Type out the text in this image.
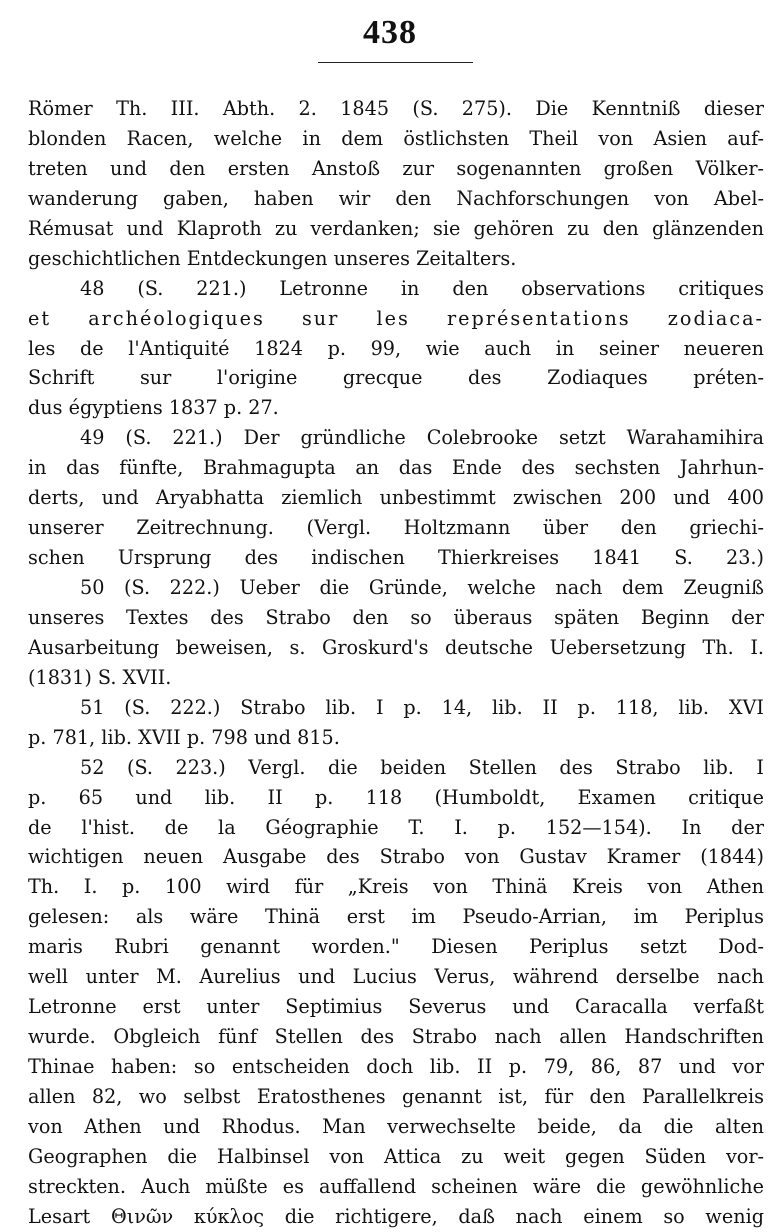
438
Römer Th. III. Abth. 2. 1845 (S. 275). Die Kenntniß dieser
blonden Racen, welche in dem östlichsten Theil von Asien auf-
treten und den ersten Anstoß zur sogenannten großen Völker-
wanderung gaben, haben wir den Nachforschungen von Abel-
Rémusat und Klaproth zu verdanken; sie gehören zu den glänzenden
geschichtlichen Entdeckungen unseres Zeitalters.
48 (S. 221.) Letronne in den observations critiques
et archéologiques sur les représentations zodiaca-
les de l'Antiquité 1824 p. 99, wie auch in seiner neueren
Schrift sur l'origine grecque des Zodiaques préten-
dus égyptiens 1837 p. 27.
49 (S. 221.) Der gründliche Colebrooke setzt Warahamihira
in das fünfte, Brahmagupta an das Ende des sechsten Jahrhun-
derts, und Aryabhatta ziemlich unbestimmt zwischen 200 und 400
unserer Zeitrechnung. (Vergl. Holtzmann über den griechi-
schen Ursprung des indischen Thierkreises 1841 S. 23.)
50 (S. 222.) Ueber die Gründe, welche nach dem Zeugniß
unseres Textes des Strabo den so überaus späten Beginn der
Ausarbeitung beweisen, s. Groskurd's deutsche Uebersetzung Th. I.
(1831) S. XVII.
51 (S. 222.) Strabo lib. I p. 14, lib. II p. 118, lib. XVI
p. 781, lib. XVII p. 798 und 815.
52 (S. 223.) Vergl. die beiden Stellen des Strabo lib. I
p. 65 und lib. II p. 118 (Humboldt, Examen critique
de l'hist. de la Géographie T. I. p. 152—154). In der
wichtigen neuen Ausgabe des Strabo von Gustav Kramer (1844)
Th. I. p. 100 wird für „Kreis von Thinä Kreis von Athen
gelesen: als wäre Thinä erst im Pseudo-Arrian, im Periplus
maris Rubri genannt worden." Diesen Periplus setzt Dod-
well unter M. Aurelius und Lucius Verus, während derselbe nach
Letronne erst unter Septimius Severus und Caracalla verfaßt
wurde. Obgleich fünf Stellen des Strabo nach allen Handschriften
Thinae haben: so entscheiden doch lib. II p. 79, 86, 87 und vor
allen 82, wo selbst Eratosthenes genannt ist, für den Parallelkreis
von Athen und Rhodus. Man verwechselte beide, da die alten
Geographen die Halbinsel von Attica zu weit gegen Süden vor-
streckten. Auch müßte es auffallend scheinen wäre die gewöhnliche
Lesart Θινῶν κύκλος die richtigere, daß nach einem so wenig
